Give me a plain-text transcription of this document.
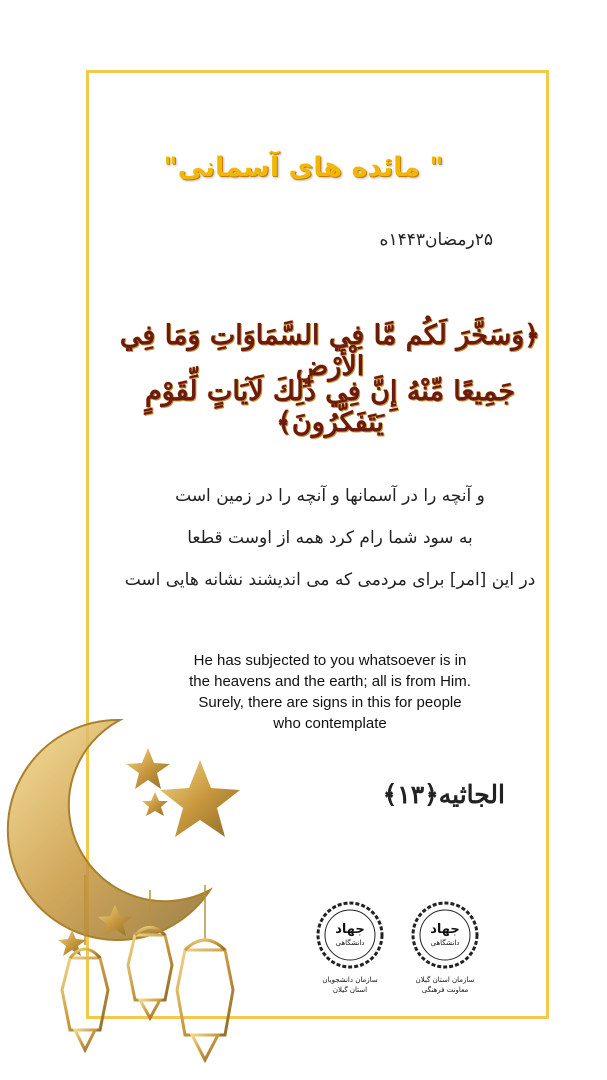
" مائده های آسمانی"
۲۵رمضان۱۴۴۳ه
﴿وَسَخَّرَ لَكُم مَّا فِي السَّمَاوَاتِ وَمَا فِي الْأَرْضِ
جَمِيعًا مِّنْهُ إِنَّ فِي ذَٰلِكَ لَآيَاتٍ لِّقَوْمٍ يَتَفَكَّرُونَ﴾
و آنچه را در آسمانها و آنچه را در زمین است
به سود شما رام کرد همه از اوست قطعا
در این [امر] برای مردمی که می اندیشند نشانه هایی است
He has subjected to you whatsoever is in
the heavens and the earth; all is from Him.
Surely, there are signs in this for people
who contemplate
الجاثیه﴿۱۳﴾
جهاد
دانشگاهی
جهاد
دانشگاهی
سازمان دانشجویان
استان گیلان
سازمان استان گیلان
معاونت فرهنگی
